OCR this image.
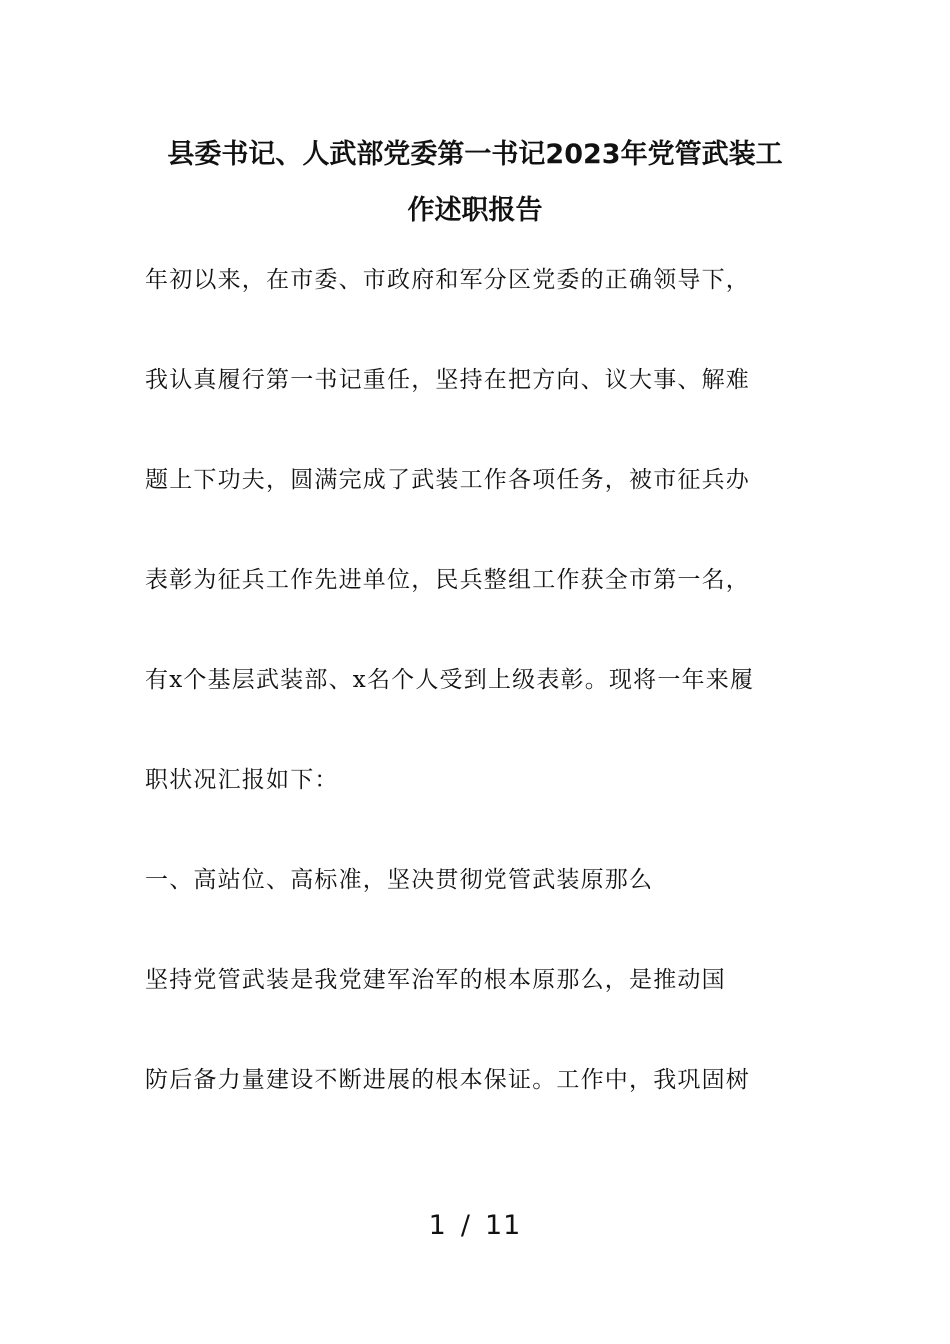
县委书记、人武部党委第一书记2023年党管武装工
作述职报告
年初以来，在市委、市政府和军分区党委的正确领导下，
我认真履行第一书记重任，坚持在把方向、议大事、解难
题上下功夫，圆满完成了武装工作各项任务，被市征兵办
表彰为征兵工作先进单位，民兵整组工作获全市第一名，
有x个基层武装部、x名个人受到上级表彰。现将一年来履
职状况汇报如下：
一、高站位、高标准，坚决贯彻党管武装原那么
坚持党管武装是我党建军治军的根本原那么，是推动国
防后备力量建设不断进展的根本保证。工作中，我巩固树
1 / 11
